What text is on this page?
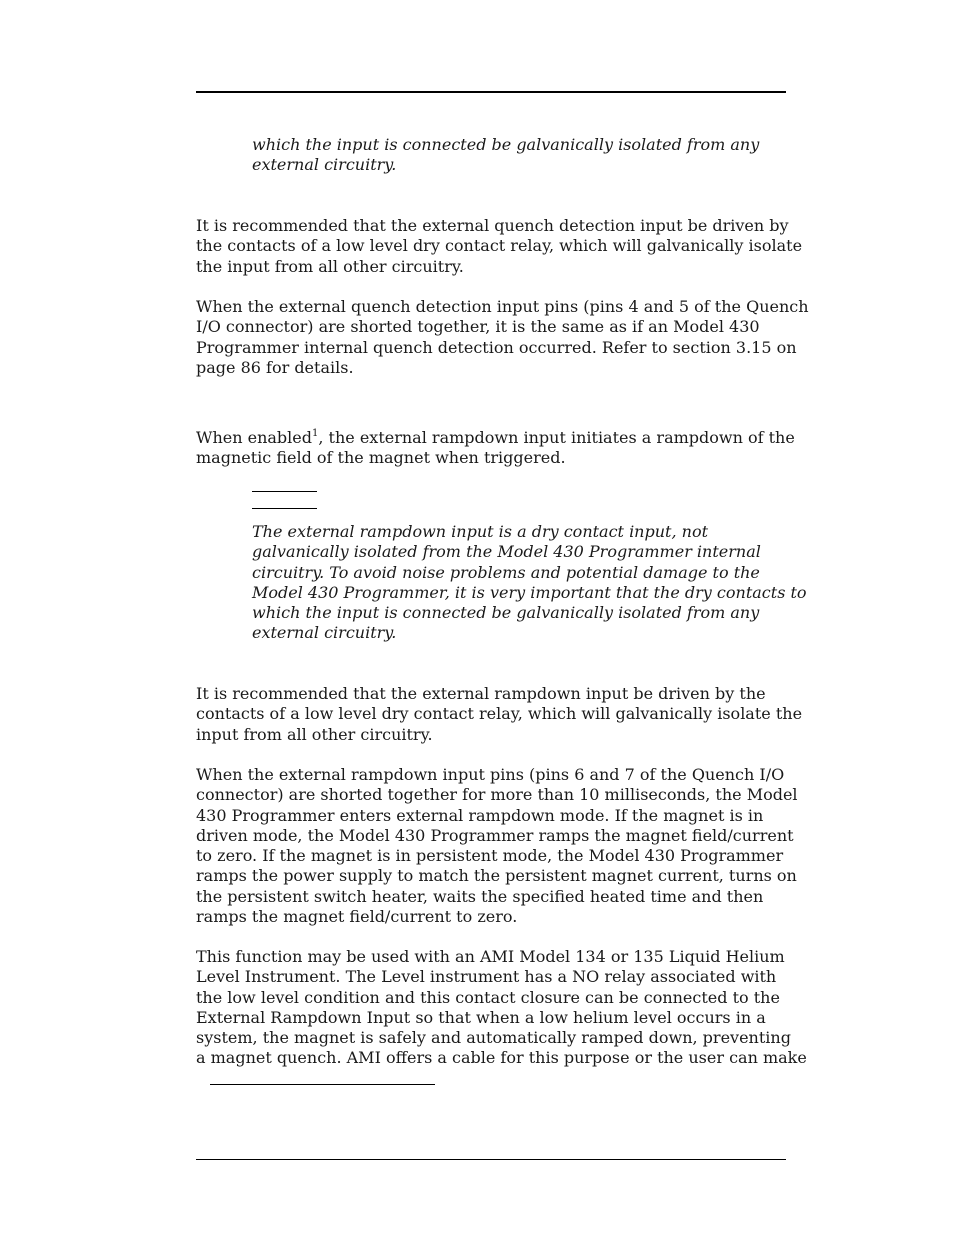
which the input is connected be galvanically isolated from any
external circuitry.

It is recommended that the external quench detection input be driven by
the contacts of a low level dry contact relay, which will galvanically isolate
the input from all other circuitry.

When the external quench detection input pins (pins 4 and 5 of the Quench
I/O connector) are shorted together, it is the same as if an Model 430
Programmer internal quench detection occurred. Refer to section 3.15 on
page 86 for details.

When enabled$^1$, the external rampdown input initiates a rampdown of the
magnetic field of the magnet when triggered.

The external rampdown input is a dry contact input, not
galvanically isolated from the Model 430 Programmer internal
circuitry. To avoid noise problems and potential damage to the
Model 430 Programmer, it is very important that the dry contacts to
which the input is connected be galvanically isolated from any
external circuitry.

It is recommended that the external rampdown input be driven by the
contacts of a low level dry contact relay, which will galvanically isolate the
input from all other circuitry.

When the external rampdown input pins (pins 6 and 7 of the Quench I/O
connector) are shorted together for more than 10 milliseconds, the Model
430 Programmer enters external rampdown mode. If the magnet is in
driven mode, the Model 430 Programmer ramps the magnet field/current
to zero. If the magnet is in persistent mode, the Model 430 Programmer
ramps the power supply to match the persistent magnet current, turns on
the persistent switch heater, waits the specified heated time and then
ramps the magnet field/current to zero.

This function may be used with an AMI Model 134 or 135 Liquid Helium
Level Instrument. The Level instrument has a NO relay associated with
the low level condition and this contact closure can be connected to the
External Rampdown Input so that when a low helium level occurs in a
system, the magnet is safely and automatically ramped down, preventing
a magnet quench. AMI offers a cable for this purpose or the user can make
